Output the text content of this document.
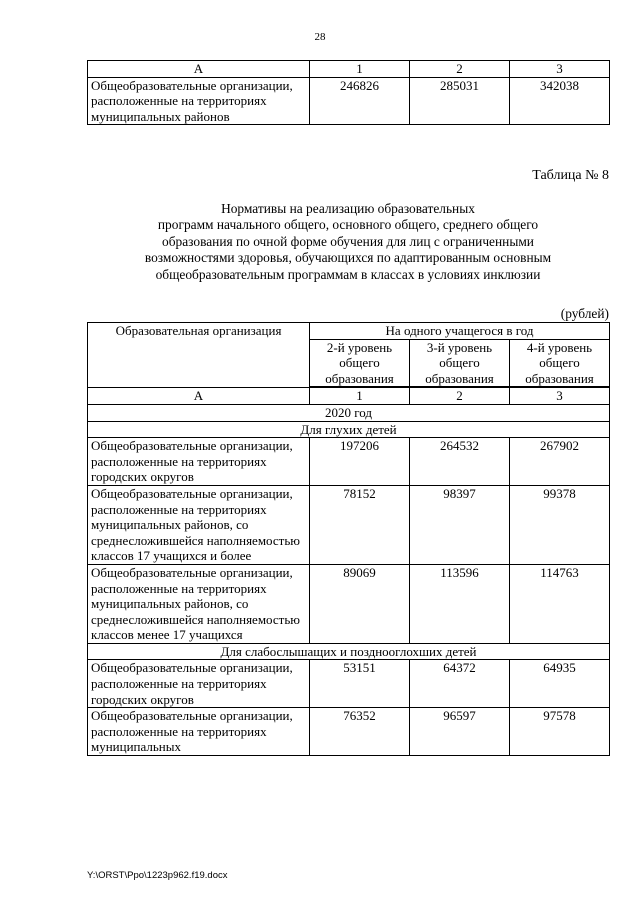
28
А	1	2	3
Общеобразовательные организации, расположенные на территориях муниципальных районов	246826	285031	342038
Таблица № 8
Нормативы на реализацию образовательных
программ начального общего, основного общего, среднего общего
образования по очной форме обучения для лиц с ограниченными
возможностями здоровья, обучающихся по адаптированным основным
общеобразовательным программам в классах в условиях инклюзии
(рублей)
Образовательная организация	На одного учащегося в год		
	2-й уровень общего образования	3-й уровень общего образования	4-й уровень общего образования
А	1	2	3
2020 год			
Для глухих детей			
Общеобразовательные организации, расположенные на территориях городских округов	197206	264532	267902
Общеобразовательные организации, расположенные на территориях муниципальных районов, со среднесложившейся наполняемостью классов 17 учащихся и более	78152	98397	99378
Общеобразовательные организации, расположенные на территориях муниципальных районов, со среднесложившейся наполняемостью классов менее 17 учащихся	89069	113596	114763
Для слабослышащих и позднооглохших детей			
Общеобразовательные организации, расположенные на территориях городских округов	53151	64372	64935
Общеобразовательные организации, расположенные на территориях муниципальных	76352	96597	97578
Y:\ORST\Ppo\1223p962.f19.docx
